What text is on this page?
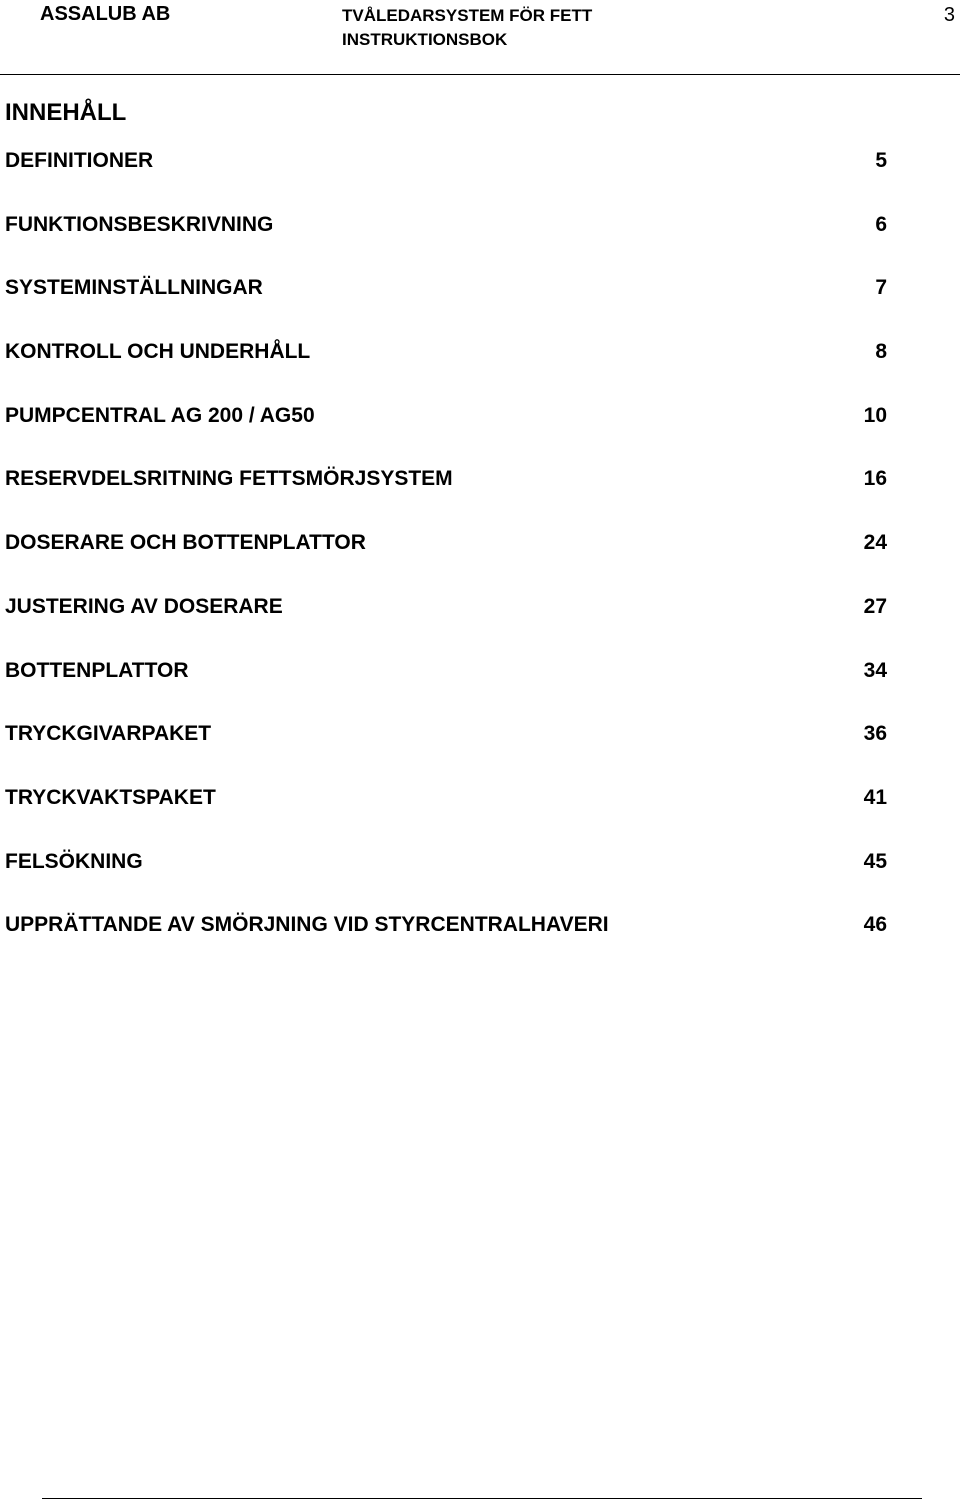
ASSALUB AB	TVÅLEDARSYSTEM FÖR FETT
INSTRUKTIONSBOK
3
INNEHÅLL
DEFINITIONER	5
FUNKTIONSBESKRIVNING	6
SYSTEMINSTÄLLNINGAR	7
KONTROLL OCH UNDERHÅLL	8
PUMPCENTRAL AG 200 / AG50	10
RESERVDELSRITNING FETTSMÖRJSYSTEM	16
DOSERARE OCH BOTTENPLATTOR	24
JUSTERING AV DOSERARE	27
BOTTENPLATTOR	34
TRYCKGIVARPAKET	36
TRYCKVAKTSPAKET	41
FELSÖKNING	45
UPPRÄTTANDE AV SMÖRJNING VID STYRCENTRALHAVERI	46
